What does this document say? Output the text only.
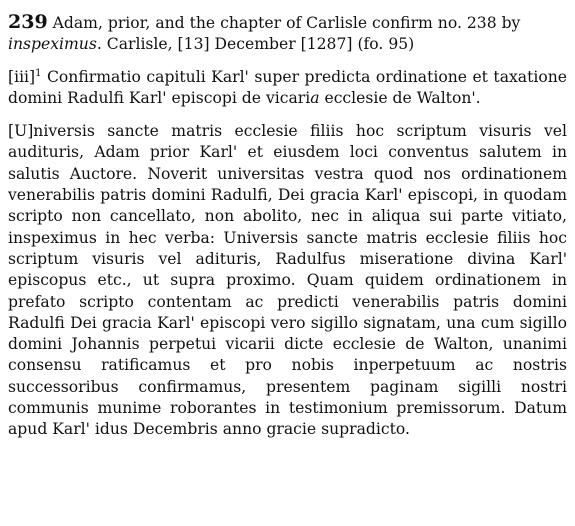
239 Adam, prior, and the chapter of Carlisle confirm no. 238 by inspeximus. Carlisle, [13] December [1287] (fo. 95)

[iii]$^1$ Confirmatio capituli Karl' super predicta ordinatione et taxatione domini Radulfi Karl' episcopi de vicaria ecclesie de Walton'.

[U]niversis sancte matris ecclesie filiis hoc scriptum visuris vel audituris, Adam prior Karl' et eiusdem loci conventus salutem in salutis Auctore. Noverit universitas vestra quod nos ordinationem venerabilis patris domini Radulfi, Dei gracia Karl' episcopi, in quodam scripto non cancellato, non abolito, nec in aliqua sui parte vitiato, inspeximus in hec verba: Universis sancte matris ecclesie filiis hoc scriptum visuris vel adituris, Radulfus miseratione divina Karl' episcopus etc., ut supra proximo. Quam quidem ordinationem in prefato scripto contentam ac predicti venerabilis patris domini Radulfi Dei gracia Karl' episcopi vero sigillo signatam, una cum sigillo domini Johannis perpetui vicarii dicte ecclesie de Walton, unanimi consensu ratificamus et pro nobis inperpetuum ac nostris successoribus confirmamus, presentem paginam sigilli nostri communis munime roborantes in testimonium premissorum. Datum apud Karl' idus Decembris anno gracie supradicto.
